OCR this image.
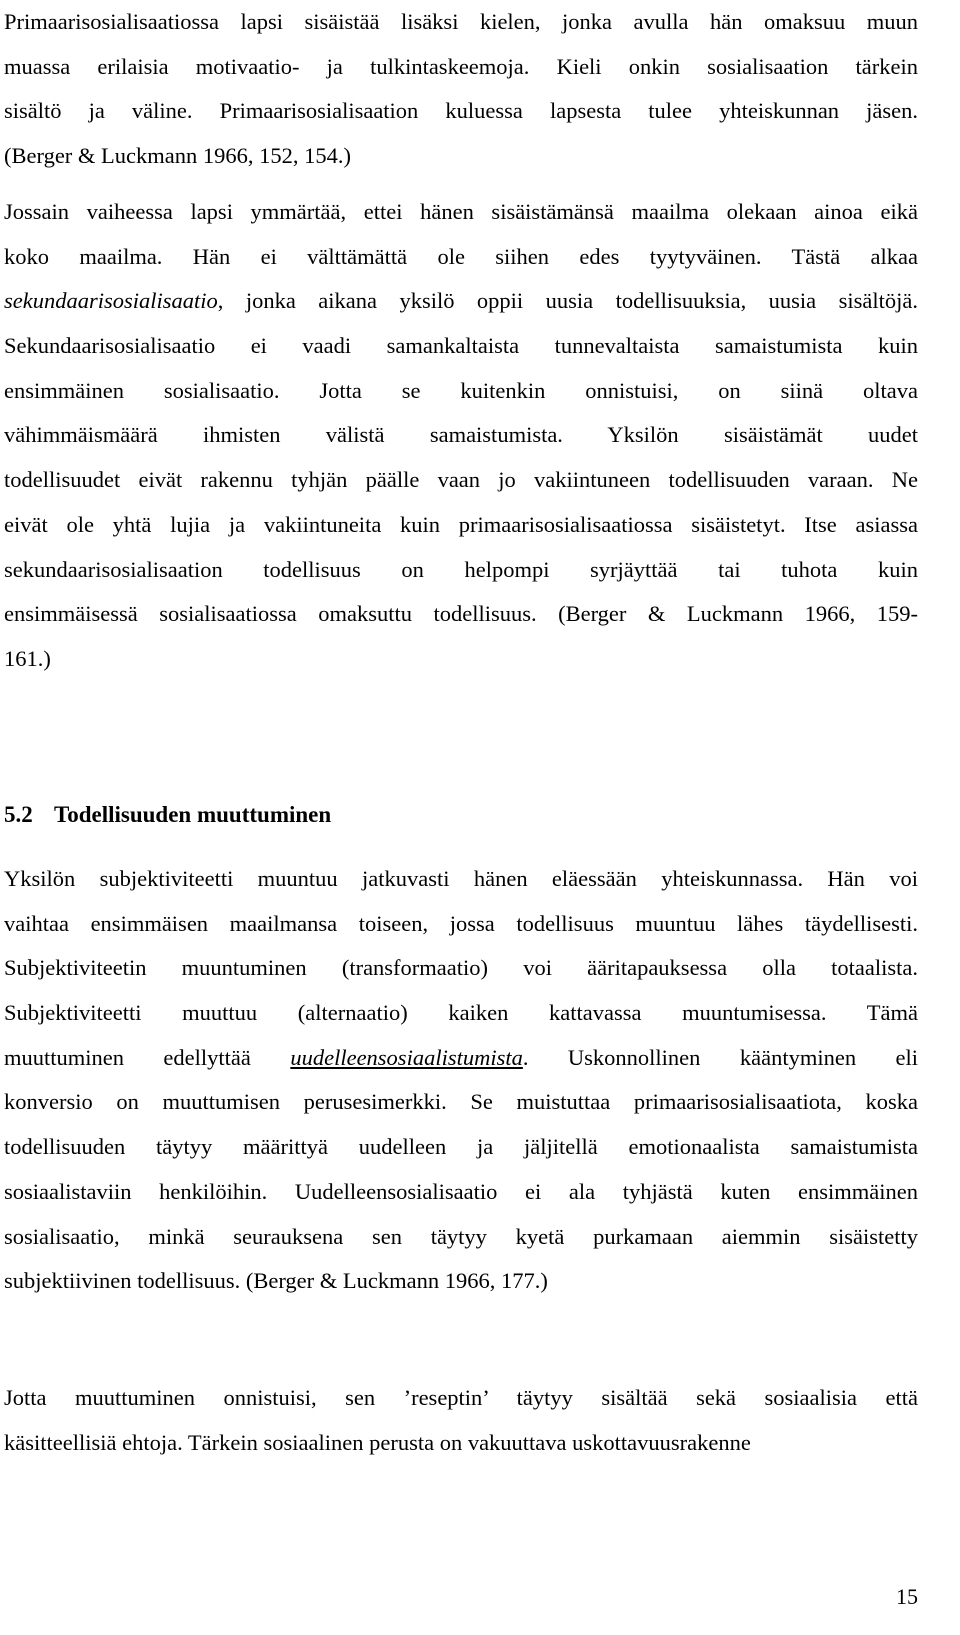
Primaarisosialisaatiossa lapsi sisäistää lisäksi kielen, jonka avulla hän omaksuu muun
muassa erilaisia motivaatio- ja tulkintaskeemoja. Kieli onkin sosialisaation tärkein
sisältö ja väline. Primaarisosialisaation kuluessa lapsesta tulee yhteiskunnan jäsen.
(Berger & Luckmann 1966, 152, 154.)
Jossain vaiheessa lapsi ymmärtää, ettei hänen sisäistämänsä maailma olekaan ainoa eikä
koko maailma. Hän ei välttämättä ole siihen edes tyytyväinen. Tästä alkaa
sekundaarisosialisaatio, jonka aikana yksilö oppii uusia todellisuuksia, uusia sisältöjä.
Sekundaarisosialisaatio ei vaadi samankaltaista tunnevaltaista samaistumista kuin
ensimmäinen sosialisaatio. Jotta se kuitenkin onnistuisi, on siinä oltava
vähimmäismäärä ihmisten välistä samaistumista. Yksilön sisäistämät uudet
todellisuudet eivät rakennu tyhjän päälle vaan jo vakiintuneen todellisuuden varaan. Ne
eivät ole yhtä lujia ja vakiintuneita kuin primaarisosialisaatiossa sisäistetyt. Itse asiassa
sekundaarisosialisaation todellisuus on helpompi syrjäyttää tai tuhota kuin
ensimmäisessä sosialisaatiossa omaksuttu todellisuus. (Berger & Luckmann 1966, 159-
161.)
5.2 Todellisuuden muuttuminen
Yksilön subjektiviteetti muuntuu jatkuvasti hänen eläessään yhteiskunnassa. Hän voi
vaihtaa ensimmäisen maailmansa toiseen, jossa todellisuus muuntuu lähes täydellisesti.
Subjektiviteetin muuntuminen (transformaatio) voi ääritapauksessa olla totaalista.
Subjektiviteetti muuttuu (alternaatio) kaiken kattavassa muuntumisessa. Tämä
muuttuminen edellyttää uudelleensosiaalistumista. Uskonnollinen kääntyminen eli
konversio on muuttumisen perusesimerkki. Se muistuttaa primaarisosialisaatiota, koska
todellisuuden täytyy määrittyä uudelleen ja jäljitellä emotionaalista samaistumista
sosiaalistaviin henkilöihin. Uudelleensosialisaatio ei ala tyhjästä kuten ensimmäinen
sosialisaatio, minkä seurauksena sen täytyy kyetä purkamaan aiemmin sisäistetty
subjektiivinen todellisuus. (Berger & Luckmann 1966, 177.)
Jotta muuttuminen onnistuisi, sen ’reseptin’ täytyy sisältää sekä sosiaalisia että
käsitteellisiä ehtoja. Tärkein sosiaalinen perusta on vakuuttava uskottavuusrakenne
15
